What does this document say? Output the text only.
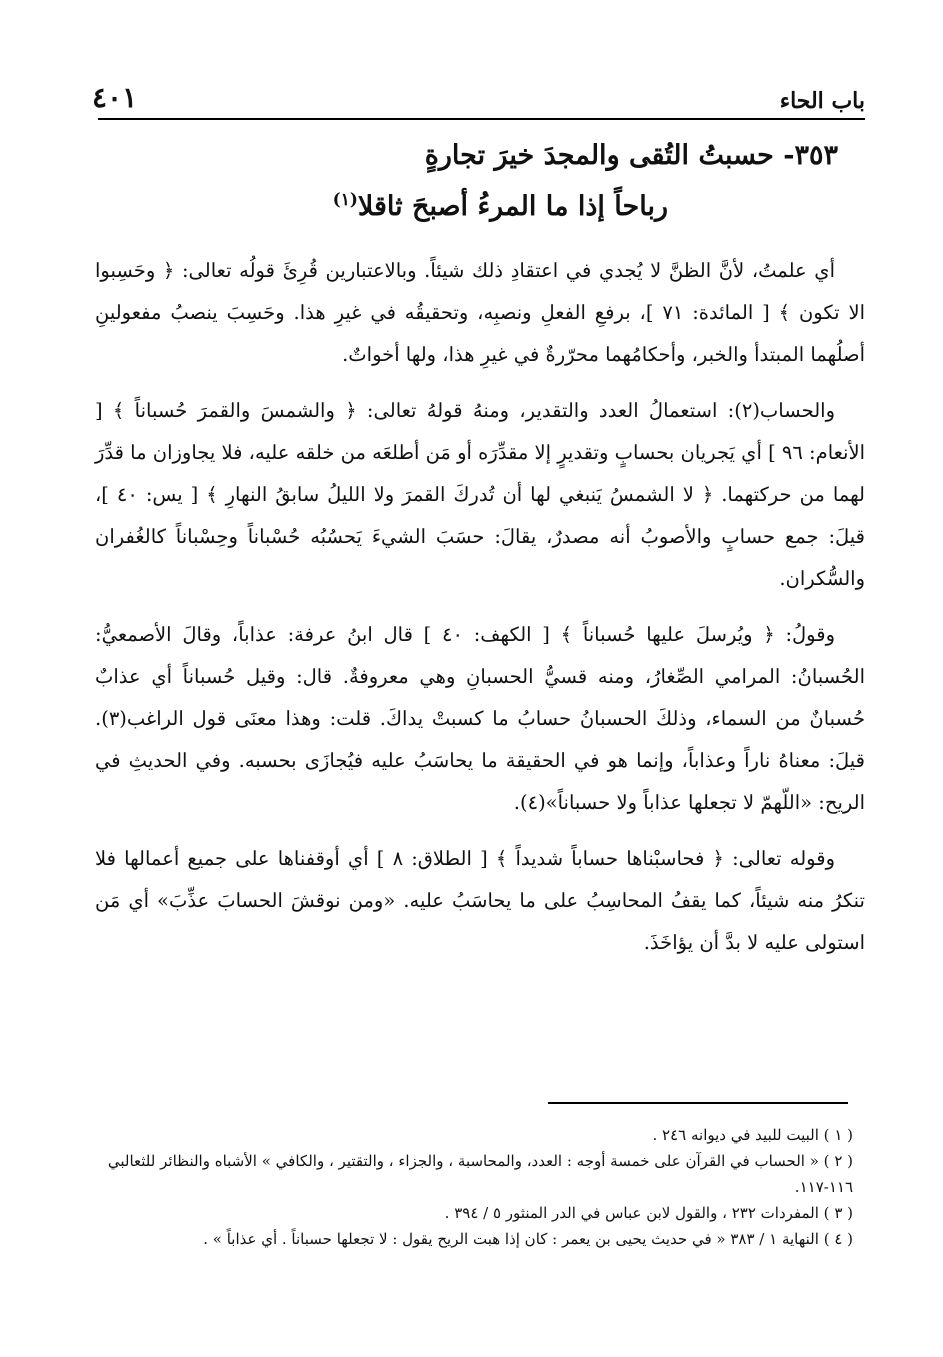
٤٠١	باب الحاء
٣٥٣- حسبتُ التُقى والمجدَ خيرَ تجارةٍ
رباحاً إذا ما المرءُ أصبحَ ثاقلا$^{(١)}$

أي علمتُ، لأنَّ الظنَّ لا يُجدي في اعتقادِ ذلك شيئاً. وبالاعتبارين قُرِئَ قولُه تعالى: ﴿ وحَسِبوا الا تكون ﴾ [ المائدة: ٧١ ]، برفعِ الفعلِ ونصبِه، وتحقيقُه في غيرِ هذا. وحَسِبَ ينصبُ مفعولينِ أصلُهما المبتدأ والخبر، وأحكامُهما محرّرةٌ في غيرِ هذا، ولها أخواتٌ.

والحساب(٢): استعمالُ العدد والتقدير، ومنهُ قولهُ تعالى: ﴿ والشمسَ والقمرَ حُسباناً ﴾ [ الأنعام: ٩٦ ] أي يَجريان بحسابٍ وتقديرٍ إلا مقدِّرَه أو مَن أطلعَه من خلقه عليه، فلا يجاوزان ما قدِّرَ لهما من حركتهما. ﴿ لا الشمسُ يَنبغي لها أن تُدركَ القمرَ ولا الليلُ سابقُ النهارِ ﴾ [ يس: ٤٠ ]، قيلَ: جمع حسابٍ والأصوبُ أنه مصدرٌ، يقالَ: حسَبَ الشيءَ يَحسُبُه حُسْباناً وحِسْباناً كالغُفران والسُّكران.

وقولُ: ﴿ ويُرسلَ عليها حُسباناً ﴾ [ الكهف: ٤٠ ] قال ابنُ عرفة: عذاباً، وقالَ الأصمعيُّ: الحُسبانُ: المرامي الصِّغارُ، ومنه قسيُّ الحسبانِ وهي معروفةٌ. قال: وقيل حُسباناً أي عذابٌ حُسبانٌ من السماء، وذلكَ الحسبانُ حسابُ ما كسبتْ يداكَ. قلت: وهذا معنَى قول الراغب(٣). قيلَ: معناهُ ناراً وعذاباً، وإنما هو في الحقيقة ما يحاسَبُ عليه فيُجازَى بحسبه. وفي الحديثِ في الريح: «اللّهمّ لا تجعلها عذاباً ولا حسباناً»(٤).

وقوله تعالى: ﴿ فحاسبْناها حساباً شديداً ﴾ [ الطلاق: ٨ ] أي أوقفناها على جميع أعمالها فلا تنكرُ منه شيئاً، كما يقفُ المحاسِبُ على ما يحاسَبُ عليه. «ومن نوقشَ الحسابَ عذِّبَ» أي مَن استولى عليه لا بدَّ أن يؤاخَذَ.

( ١ ) البيت للبيد في ديوانه ٢٤٦ .
( ٢ ) « الحساب في القرآن على خمسة أوجه : العدد، والمحاسبة ، والجزاء ، والتقتير ، والكافي » الأشباه والنظائر للثعالبي ١١٦-١١٧.
( ٣ ) المفردات ٢٣٢ ، والقول لابن عباس في الدر المنثور ٥ / ٣٩٤ .
( ٤ ) النهاية ١ / ٣٨٣ « في حديث يحيى بن يعمر : كان إذا هبت الريح يقول : لا تجعلها حسباناً . أي عذاباً » .
